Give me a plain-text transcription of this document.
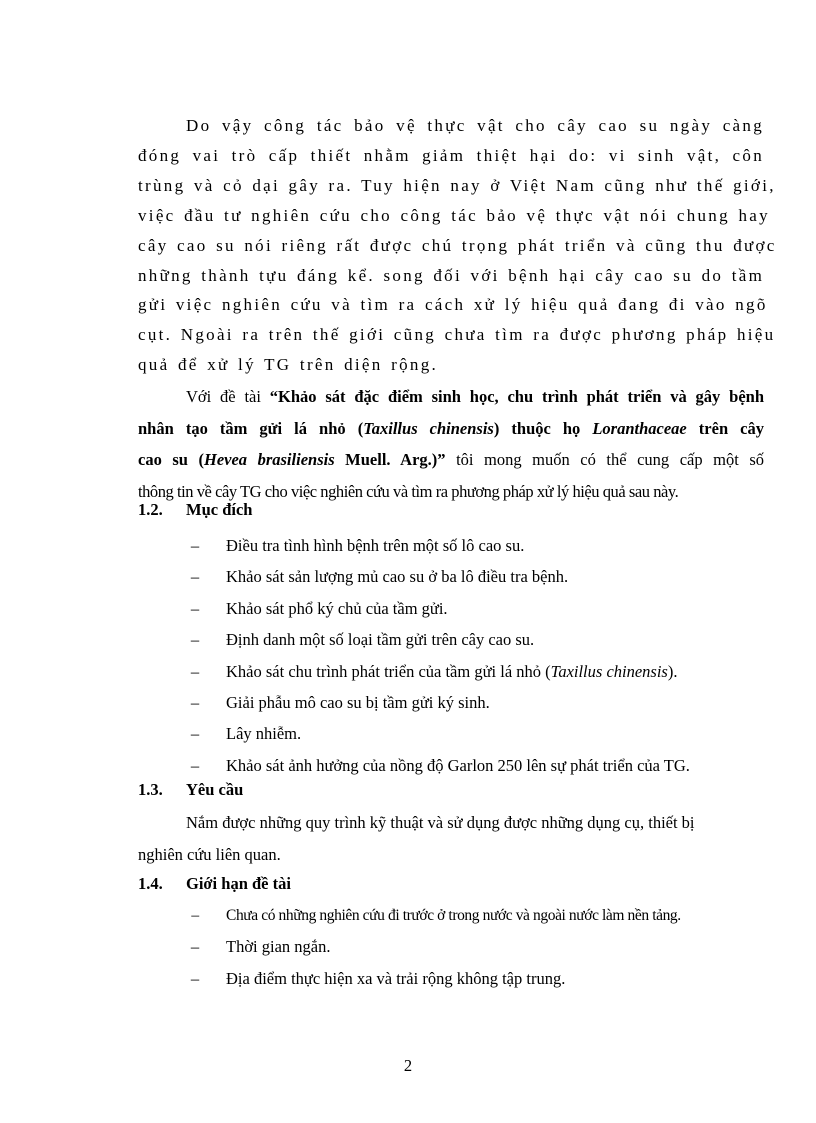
Do vậy công tác bảo vệ thực vật cho cây cao su ngày càng
đóng vai trò cấp thiết nhằm giảm thiệt hại do: vi sinh vật, côn
trùng và cỏ dại gây ra. Tuy hiện nay ở Việt Nam cũng như thế giới,
việc đầu tư nghiên cứu cho công tác bảo vệ thực vật nói chung hay
cây cao su nói riêng rất được chú trọng phát triển và cũng thu được
những thành tựu đáng kể. song đối với bệnh hại cây cao su do tầm
gửi việc nghiên cứu và tìm ra cách xử lý hiệu quả đang đi vào ngõ
cụt. Ngoài ra trên thế giới cũng chưa tìm ra được phương pháp hiệu
quả để xử lý TG trên diện rộng.
Với đề tài “Khảo sát đặc điểm sinh học, chu trình phát triển và gây bệnh
nhân tạo tầm gửi lá nhỏ (Taxillus chinensis) thuộc họ Loranthaceae trên cây
cao su (Hevea brasiliensis Muell. Arg.)” tôi mong muốn có thể cung cấp một số
thông tin về cây TG cho việc nghiên cứu và tìm ra phương pháp xử lý hiệu quả sau này.
1.2. Mục đích
– Điều tra tình hình bệnh trên một số lô cao su.
– Khảo sát sản lượng mủ cao su ở ba lô điều tra bệnh.
– Khảo sát phổ ký chủ của tầm gửi.
– Định danh một số loại tầm gửi trên cây cao su.
– Khảo sát chu trình phát triển của tầm gửi lá nhỏ (Taxillus chinensis).
– Giải phẫu mô cao su bị tầm gửi ký sinh.
– Lây nhiễm.
– Khảo sát ảnh hưởng của nồng độ Garlon 250 lên sự phát triển của TG.
1.3. Yêu cầu
Nắm được những quy trình kỹ thuật và sử dụng được những dụng cụ, thiết bị
nghiên cứu liên quan.
1.4. Giới hạn đề tài
–	Chưa có những nghiên cứu đi trước ở trong nước và ngoài nước làm nền tảng.
– Thời gian ngắn.
– Địa điểm thực hiện xa và trải rộng không tập trung.
2
